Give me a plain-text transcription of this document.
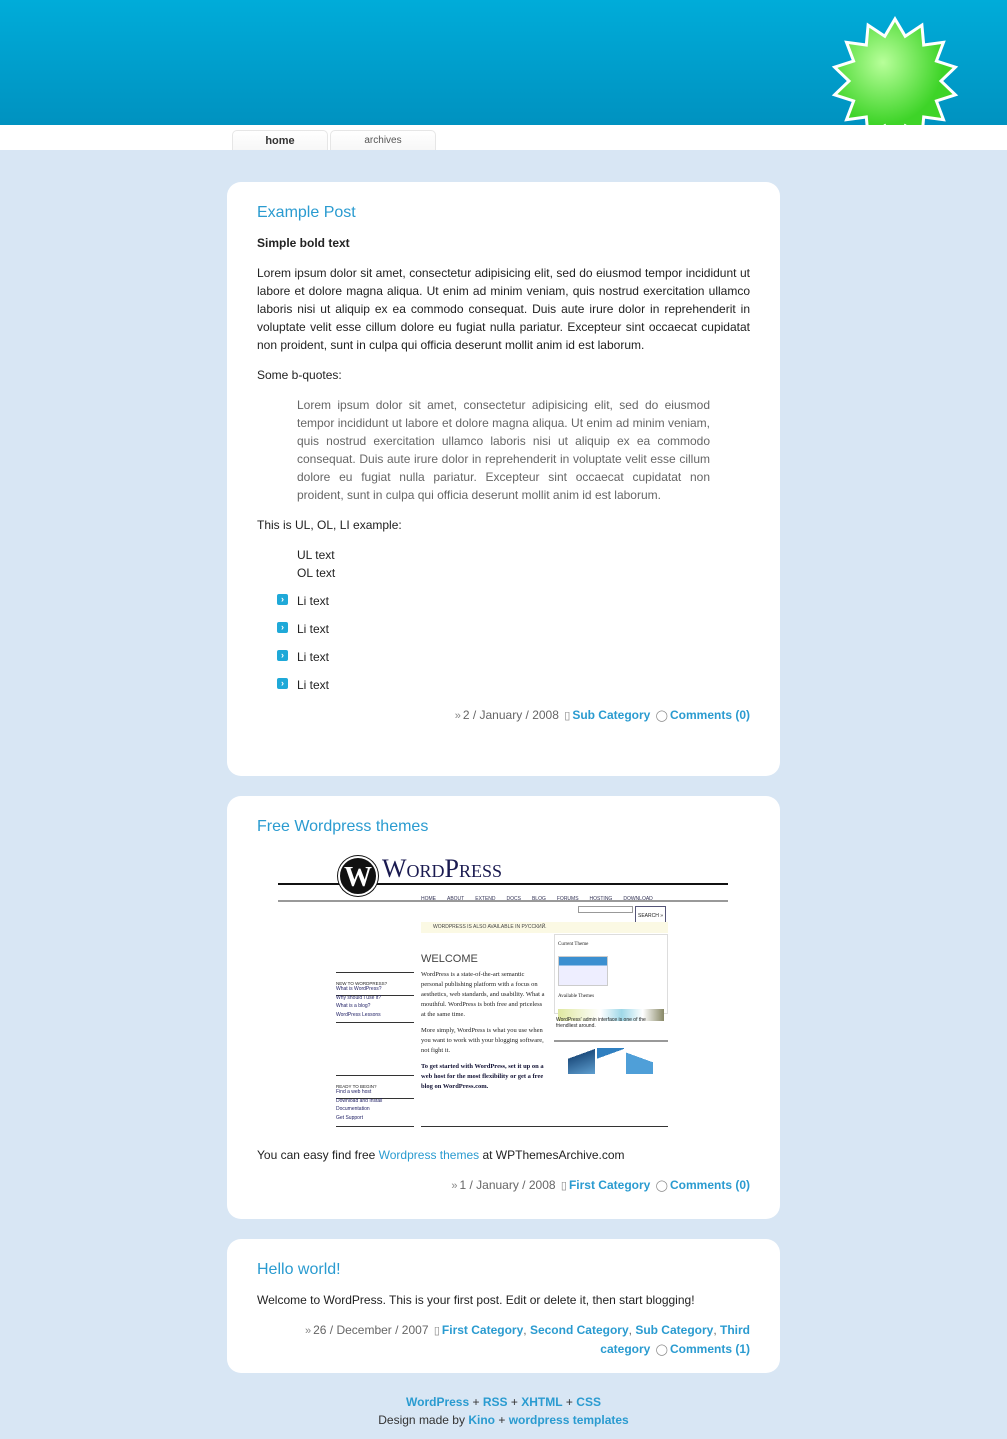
home	archives
Example Post

Simple bold text

Lorem ipsum dolor sit amet, consectetur adipisicing elit, sed do eiusmod tempor incididunt ut labore et dolore magna aliqua. Ut enim ad minim veniam, quis nostrud exercitation ullamco laboris nisi ut aliquip ex ea commodo consequat. Duis aute irure dolor in reprehenderit in voluptate velit esse cillum dolore eu fugiat nulla pariatur. Excepteur sint occaecat cupidatat non proident, sunt in culpa qui officia deserunt mollit anim id est laborum.

Some b-quotes:

Lorem ipsum dolor sit amet, consectetur adipisicing elit, sed do eiusmod tempor incididunt ut labore et dolore magna aliqua. Ut enim ad minim veniam, quis nostrud exercitation ullamco laboris nisi ut aliquip ex ea commodo consequat. Duis aute irure dolor in reprehenderit in voluptate velit esse cillum dolore eu fugiat nulla pariatur. Excepteur sint occaecat cupidatat non proident, sunt in culpa qui officia deserunt mollit anim id est laborum.

This is UL, OL, LI example:

UL text
OL text
›	Li text
›	Li text
›	Li text
›	Li text
» 2 / January / 2008 ▯ Sub Category ◯ Comments (0)
Free Wordpress themes
W WordPress
HOME ABOUT EXTEND DOCS BLOG FORUMS HOSTING DOWNLOAD
SEARCH »
WORDPRESS IS ALSO AVAILABLE IN РУССКИЙ.
WELCOME
WordPress is a state-of-the-art semantic personal publishing platform with a focus on aesthetics, web standards, and usability. What a mouthful. WordPress is both free and priceless at the same time.
More simply, WordPress is what you use when you want to work with your blogging software, not fight it.
To get started with WordPress, set it up on a web host for the most flexibility or get a free blog on WordPress.com.
NEW TO WORDPRESS?
What is WordPress?
Why should I use it?
What is a blog?
WordPress Lessons
READY TO BEGIN?
Find a web host
Download and Install
Documentation
Get Support
Current Theme
Available Themes
WordPress' admin interface is one of the friendliest around.

You can easy find free Wordpress themes at WPThemesArchive.com

» 1 / January / 2008 ▯ First Category ◯ Comments (0)
Hello world!

Welcome to WordPress. This is your first post. Edit or delete it, then start blogging!

» 26 / December / 2007 ▯ First Category, Second Category, Sub Category, Third category ◯ Comments (1)
WordPress + RSS + XHTML + CSS
Design made by Kino + wordpress templates
